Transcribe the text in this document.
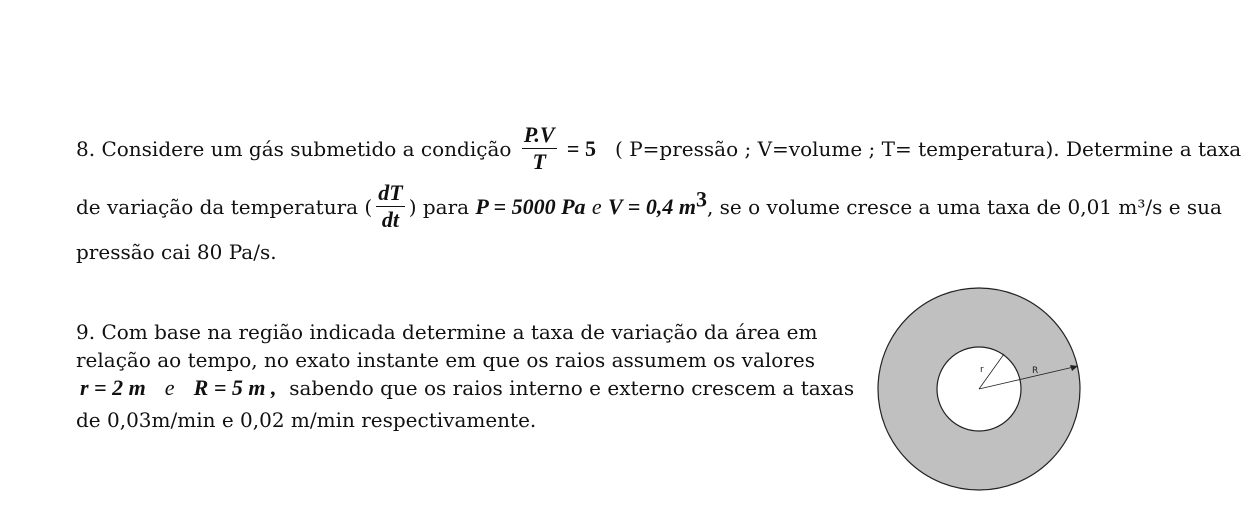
8. Considere um gás submetido a condição $\frac{P.V}{T} = 5$ ( P=pressão ; V=volume ; T= temperatura). Determine a taxa
de variação da temperatura ( $\frac{dT}{dt}$ ) para P = 5000 Pa e V = 0,4 $m^3$, se o volume cresce a uma taxa de 0,01 m³/s e sua
pressão cai 80 Pa/s.
9. Com base na região indicada determine a taxa de variação da área em
relação ao tempo, no exato instante em que os raios assumem os valores
r = 2 m e R = 5 m , sabendo que os raios interno e externo crescem a taxas
de 0,03m/min e 0,02 m/min respectivamente.
r	R
